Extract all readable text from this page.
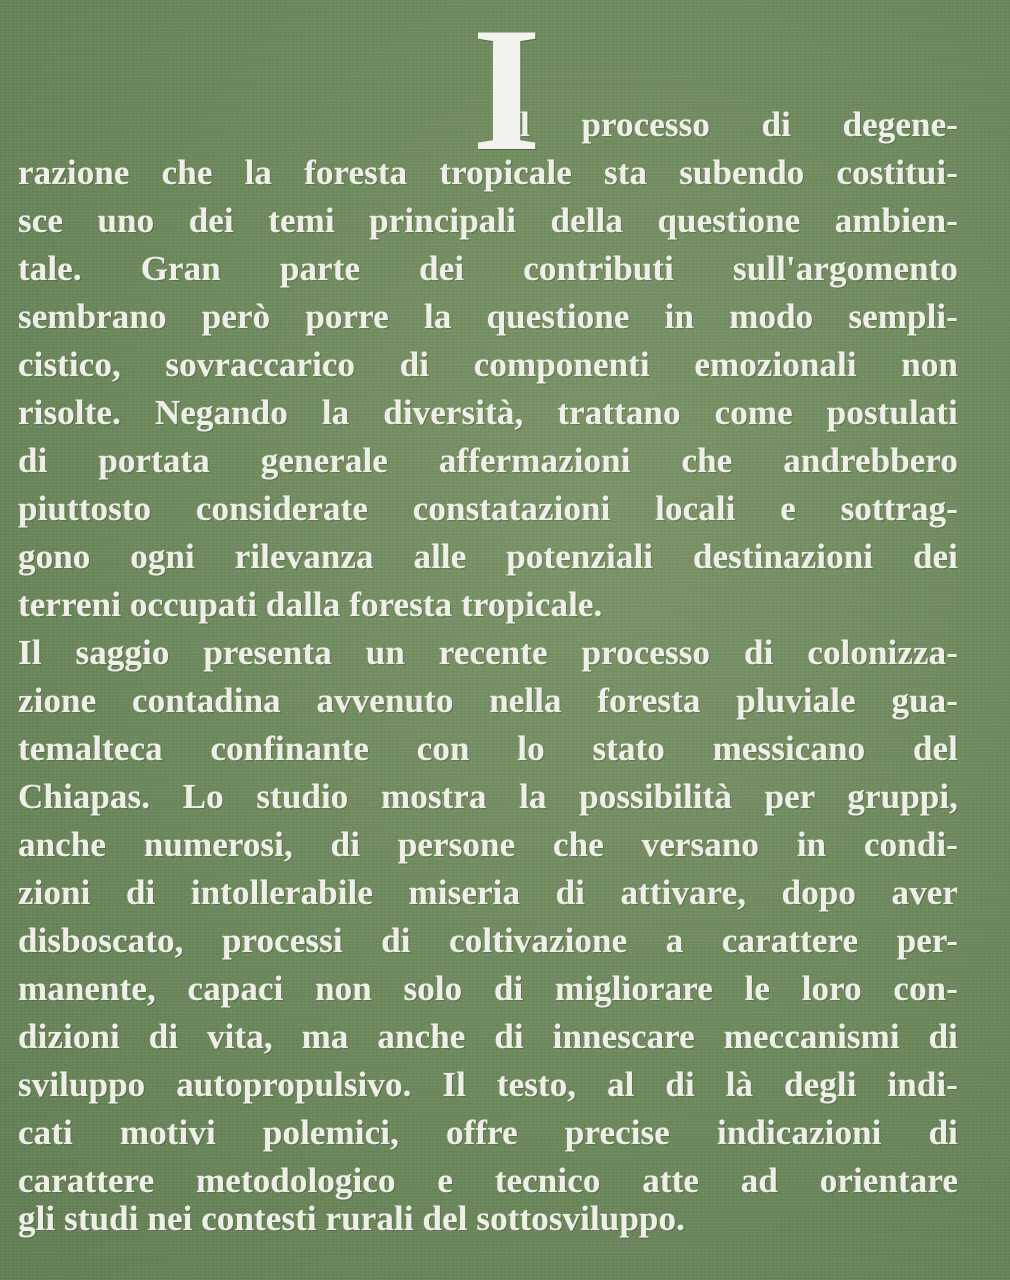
I
l processo di degene-
razione che la foresta tropicale sta subendo costitui-
sce uno dei temi principali della questione ambien-
tale. Gran parte dei contributi sull'argomento
sembrano però porre la questione in modo sempli-
cistico, sovraccarico di componenti emozionali non
risolte. Negando la diversità, trattano come postulati
di portata generale affermazioni che andrebbero
piuttosto considerate constatazioni locali e sottrag-
gono ogni rilevanza alle potenziali destinazioni dei
terreni occupati dalla foresta tropicale.
Il saggio presenta un recente processo di colonizza-
zione contadina avvenuto nella foresta pluviale gua-
temalteca confinante con lo stato messicano del
Chiapas. Lo studio mostra la possibilità per gruppi,
anche numerosi, di persone che versano in condi-
zioni di intollerabile miseria di attivare, dopo aver
disboscato, processi di coltivazione a carattere per-
manente, capaci non solo di migliorare le loro con-
dizioni di vita, ma anche di innescare meccanismi di
sviluppo autopropulsivo. Il testo, al di là degli indi-
cati motivi polemici, offre precise indicazioni di
carattere metodologico e tecnico atte ad orientare
gli studi nei contesti rurali del sottosviluppo.
